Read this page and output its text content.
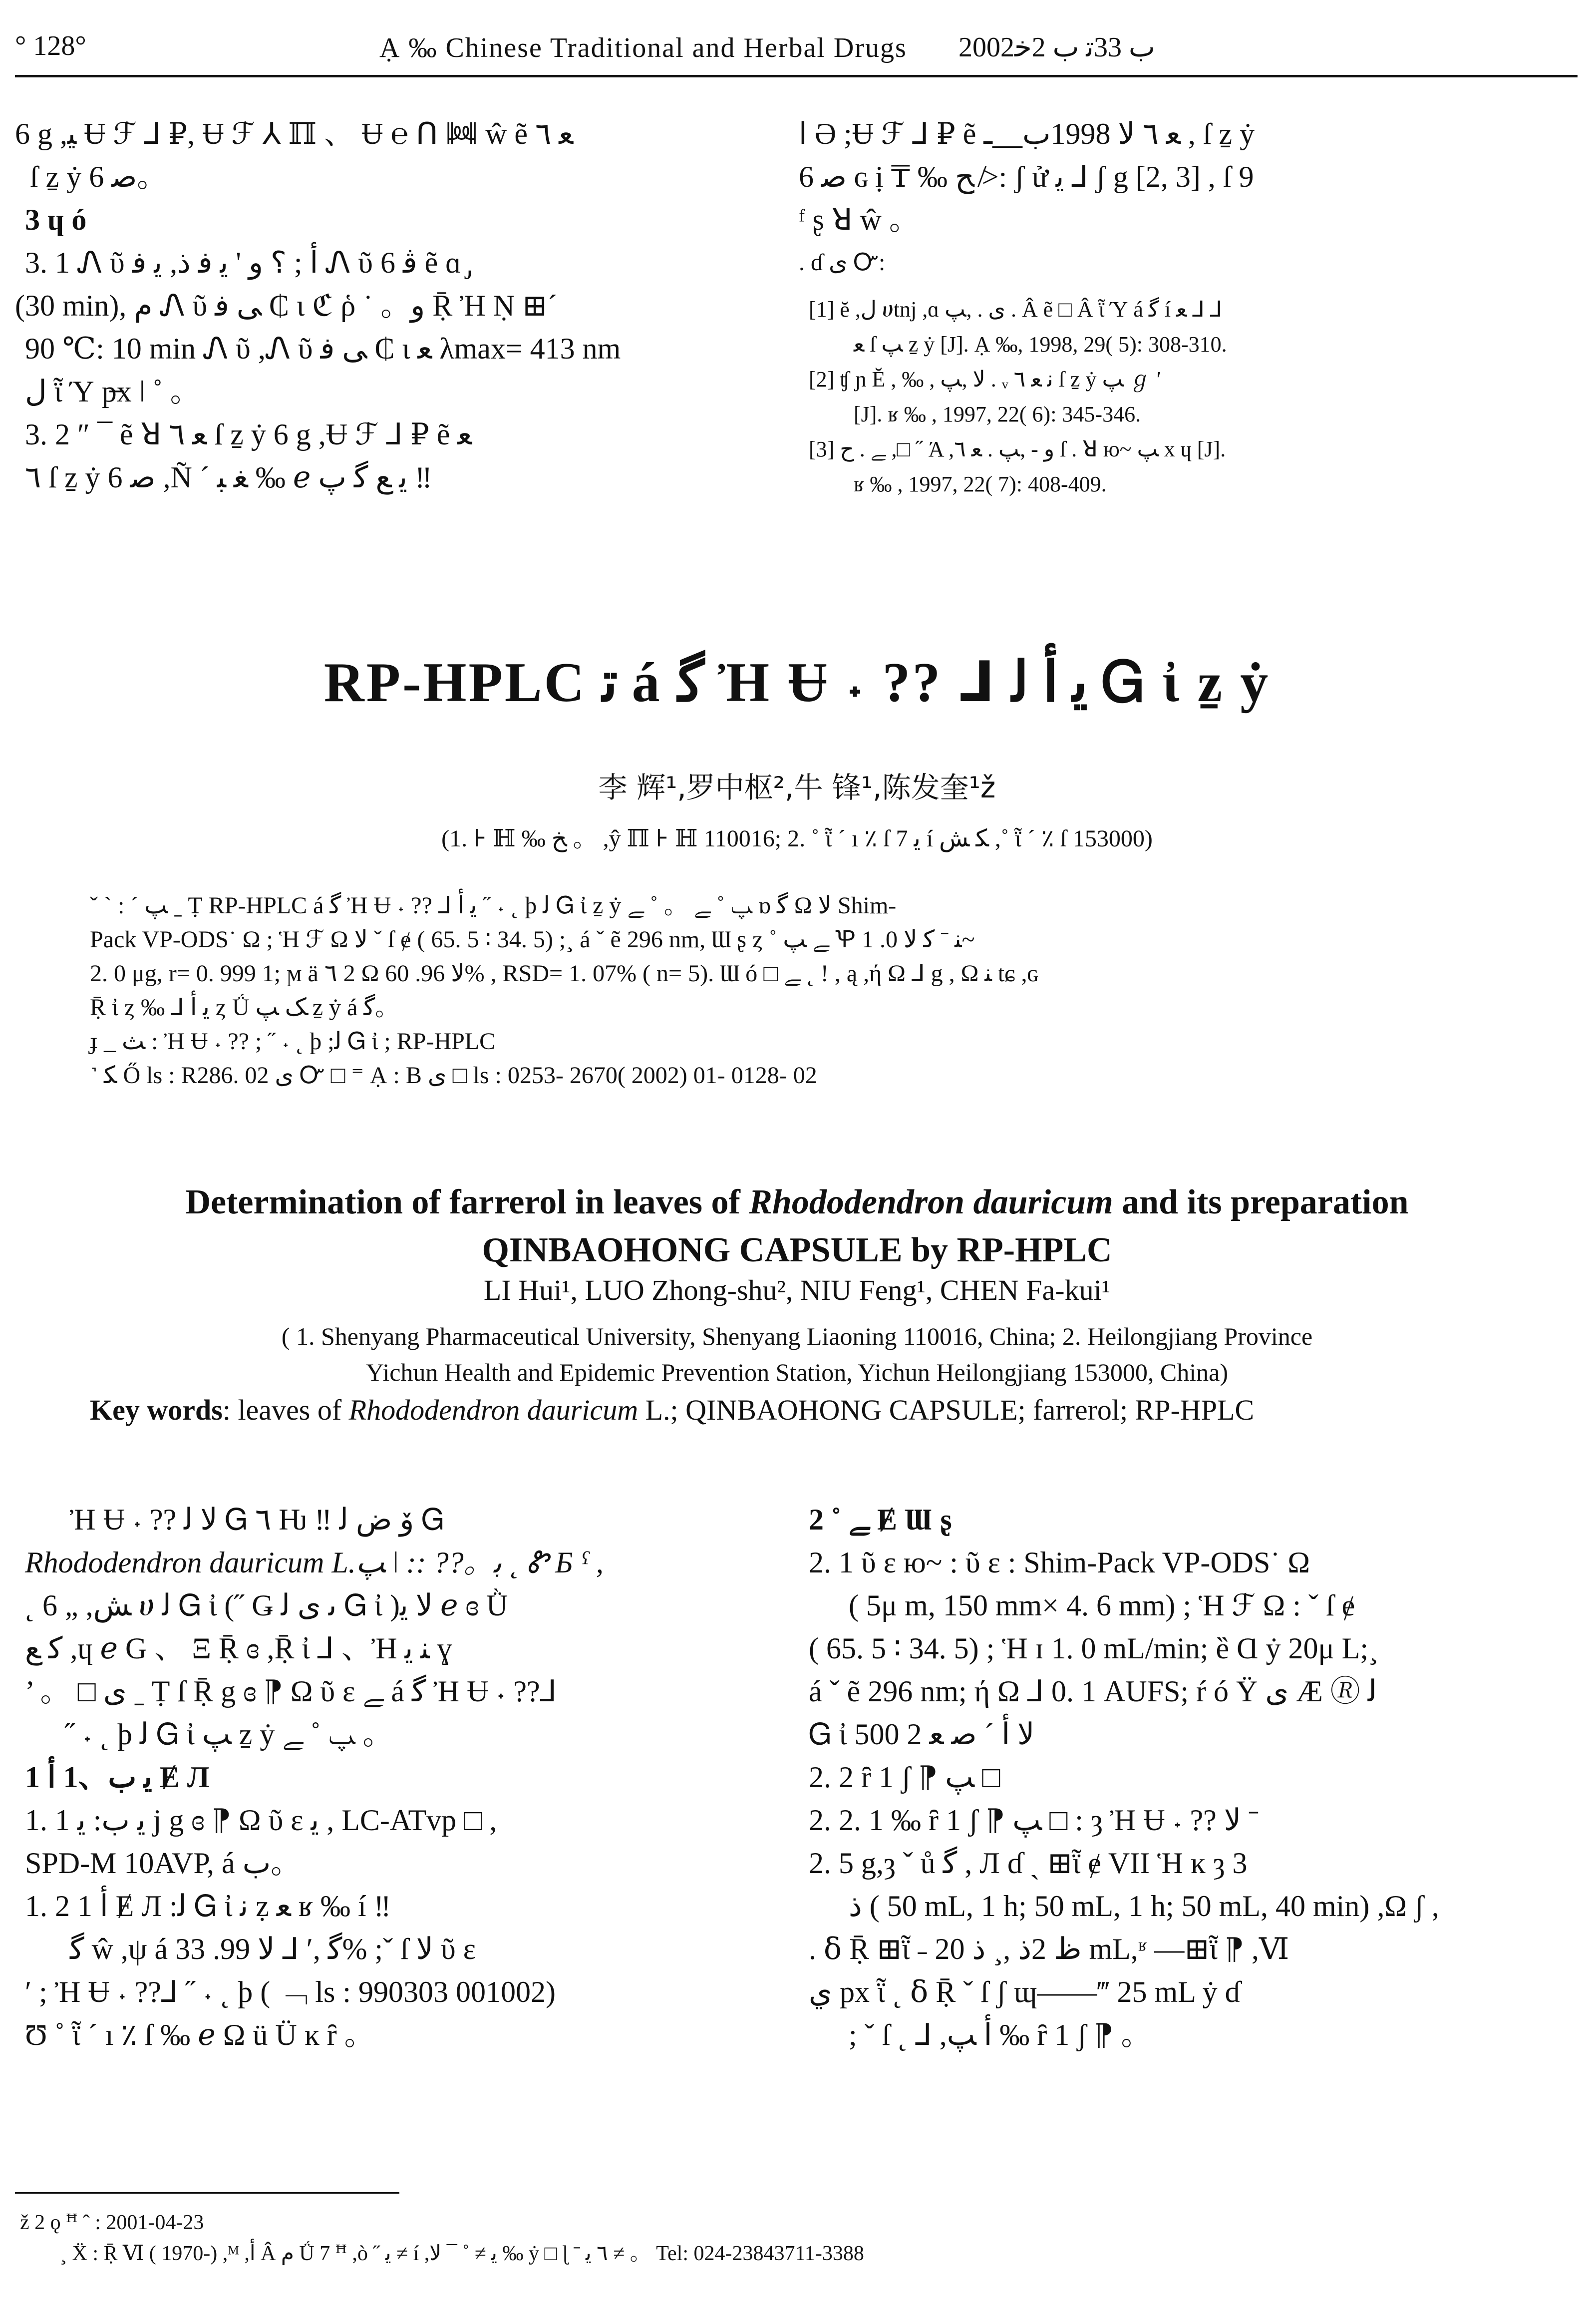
° 128°	Ạ ‰ Chinese Traditional and Herbal Drugs 2002ب 33ﺗ ب 2ﺧ

6 g ,ﻴ Ʉ ℱ ⅃ ₽, Ʉ ℱ ⅄ ℿ 、 Ʉ ℮ ꓵ ꔞ ŵ ẽ ﻌ ٦

ſ ẕ ẏ 6 ﺻ。

3 ɥ ó

3. 1 Ꮑ ῦ ﺃ ; ؟ و ' ﻳ ﻓ ﺫ, ﻳ ﻓ Ꮑ ῦ ﭬ 6 ẽ ɑ ̡

(30 min), ﻡ Ꮑ ῦ ﻰ ﻓ ₵ ι ℭ ῥ ˙ 。و Ṝ Ἠ Ṇ ⊞ˊ

90 ℃: 10 min Ꮑ ῦ ,Ꮑ ῦ ﻰ ﻓ ₵ ι ﻌ λmax= 413 nm

ﻝ ῗ Ύ p̶x ǀ ˚ 。

3. 2 ″ ¯ ẽ ꓤ ﻌ ٦ ſ ẕ ẏ 6 g ,Ʉ ℱ ⅃ ₽ ẽ ﻌ

٦ ſ ẕ ẏ 6 ﺻ ,Ñ ´ ﻐ ﺒ ‰ ℯ ﻳ ﻊ ﮔ ﭖ ‼

ﺍ Ә ;Ʉ ℱ ⅃ ₽ ẽ ﻌ ٦ ﻻ 1998ب__ـ , ſ ẕ ẏ

6 ﺻ ɢ ị ₸ ‰ ﺢ ≯: ʃ ử ﯾ ⅃ ʃ g [2, 3] , ſ 9

ᶠ ʂ ꓤ ŵ 。

. ɗ ﻯ Ꮕ:

[1] ĕ ,ﻝ ሀtnj ,ɑ ﻯ . ,ﭗ . Â ẽ □ Â ῗ Ύ á ﮔ í ﻌ ⅃ ⅃

ﻌ ſ ﭗ ẕ ẏ [J]. Ạ ‰, 1998, 29( 5): 308-310.

[2] ʧ ɲ Ĕ , ‰ , ﻻ ,ﭗ . ᵥ ﻧ ﻌ ٦ ſ ẕ ẏ ﭗ ℊ ʹ

[J]. ʁ ‰ , 1997, 22( 6): 345-346.

[3] ﮯ . ﺡ ,□ ˝ Ά ,و - ,ﭗ . ﻌ ٦ ſ . ꓤ ю~ ﭗ x ɥ [J].

ʁ ‰ , 1997, 22( 7): 408-409.

RP-HPLC ﺗ á ﮔ Ἠ Ʉ ˖ ?? ⅃ ﻳ ﺃ ﻟ Ꮐ ἰ ẕ ẏ
李 辉¹,罗中枢²,牛 锋¹,陈发奎¹ž
(1. ⊦ ℍ ‰ ﺦ 。 ,ŷ ℿ ⊦ ℍ 110016; 2. ˚ ῗ ´ ı ٪ ſ 7 ﯾ í ﮑ ﺶ ,˚ ῗ ´ ٪ ſ 153000)

ˇ ˋ : ˊ ﭗ ˍ Ṭ RP-HPLC á ﮔ Ἠ Ʉ ˖ ?? ⅃ ﻳ ﺃ ˝ ˖ ˛ ϸ ﻟ Ꮐ ἰ ẕ ẏ ﭗ ˚ ﮯ 。 ˚ ﮯ ɒ ﮔ Ω ﻻ Shim-

Pack VP-ODS˙ Ω ; Ἡ ℱ Ω ﻻ ˇ ſ ɇ ( 65. 5 ∶ 34. 5) ;¸ á ˇ ẽ 296 nm, Ɯ ʂ ȥ ˚ ﮯ ﭗ Ꝕ ﻨ ˉ ﮐ ﻻ 0. 1~

2. 0 μg, r= 0. 999 1; ϻ ä ٦ 2 Ω ﻻ 96. 60% , RSD= 1. 07% ( n= 5). Ɯ ó □ ﮯ ˛ ! , ą ,ή Ω ⅃ g , Ω ﻨ tɕ ,ɢ

Ṝ ἰ ȥ ‰ ⅃ ﻳ ﺃ ȥ Ǘ ﮏ ﭗ ẕ ẏ á ﮔ。

ɟ _ ﺚ : Ἠ Ʉ ˖ ?? ; ˝ ˖ ˛ ϸ ;ﻟ Ꮐ ἰ ; RP-HPLC

˺ ﮑ Ő ls : R286. 02 ﻯ Ꮕ □ ⁼ Ạ : B ﻯ □ ls : 0253- 2670( 2002) 01- 0128- 02

Determination of farrerol in leaves of Rhododendron dauricum and its preparation
QINBAOHONG CAPSULE by RP-HPLC
LI Hui¹, LUO Zhong-shu², NIU Feng¹, CHEN Fa-kui¹
( 1. Shenyang Pharmaceutical University, Shenyang Liaoning 110016, China; 2. Heilongjiang Province
Yichun Health and Epidemic Prevention Station, Yichun Heilongjiang 153000, China)
Key words: leaves of Rhododendron dauricum L.; QINBAOHONG CAPSULE; farrerol; RP-HPLC

Ἠ Ʉ ˖ ?? ﻻ ﻟ Ꮐ ٦ Ƕ ‼ ﯙ ﺽ ﻟ Ꮐ

Rhododendron dauricum L.ﭗ ǀ :: ??。ﺑ ˛ Ꮡ Ƃ ˁ ,

˛ 6 „ ,ﺶ ሀ ﻟ Ꮐ ἰ (˝ Ǥ ﯨ ﻯ ﻟ Ꮐ ἰ )ﻻ ﻳ ℯ ɞ Ǜ

ﮐ ﻊ ,ɥ ℯ G 、 Ξ Ṝ ɞ ,Ṝ ἰ ⅃ 、Ἠ ﻨ ﻳ ɣ

’ 。 □ ﻯ ˍ Ṭ ſ Ṝ g ɞ ⁋ Ω ῦ ɛ ﮯ á ﮔ Ἠ Ʉ ˖ ??⅃

˝ ˖ ˛ ϸ ﻟ Ꮐ ἰ ﭗ ẕ ẏ ﭗ ˚ ﮯ 。

1 ﯾ ب、1 ﺃ Ɇ Л

1. 1 ﯾ ب: ﻳ j g ɞ ⁋ Ω ῦ ɛ ﯾ , LC-ATvp □ ,

SPD-M 10AVP, á ب。

1. 2 1 ﺃ Ɇ Л :ﻟ Ꮐ ἰ ﻧ ẓ ﻌ ʁ ‰ í ‼

ﮔ ŵ ,ψ á ﮔ ,ʹ ⅃ ﻻ 99. 33% ;ˇ ſ ﻻ ῦ ɛ

ʹ ; Ἠ Ʉ ˖ ??⅃ ˝ ˖ ˛ ϸ ( ﹁ ls : 990303 001002)

Ʊ ˚ ῗ ´ ı ٪ ſ ‰ ℯ Ω ü Ü ĸ ȓ 。

2 ˚ ﮯ Ɇ Ɯ ʂ

2. 1 ῦ ɛ ю~ : ῦ ɛ : Shim-Pack VP-ODS˙ Ω

( 5μ m, 150 mm× 4. 6 mm) ; Ἡ ℱ Ω : ˇ ſ ɇ

( 65. 5 ∶ 34. 5) ; Ἡ ɪ 1. 0 mL/min; ȅ Ɑ ẏ 20μ L;¸

á ˇ ẽ 296 nm; ή Ω ⅃ 0. 1 AUFS; ŕ ó Ÿ ﻯ Æ 🄬 ﻟ

Ꮐ ἰ ﻻ ﺃ ´ ﺻ ﻌ 2 500

2. 2 ȓ 1 ʃ ⁋ ﭗ □

2. 2. 1 ‰ ȓ 1 ʃ ⁋ ﭗ □ : ȝ Ἠ Ʉ ˖ ?? ﻻ ˉ

2. 5 g,ȝ ˇ ů ﮔ , Л ɗ ˏ ⊞ῗ ɇ VII Ἡ ĸ ȝ 3

ﺫ ( 50 mL, 1 h; 50 mL, 1 h; 50 mL, 40 min) ,Ω ʃ ,

. ẟ Ṝ ⊞ῗ ˗ ﻅ 2ﺫ ,¸ ﺫ 20 mL,ʶ —⊞ῗ ⁋ ,Ⅵ

ﻱ px ῗ ˛ ẟ Ṝ ˇ ſ ʃ ɰ——‴ 25 mL ẏ ɗ

; ˇ ſ ˛ ⅃ ,ﺃ ﭗ ‰ ȓ 1 ʃ ⁋ 。

ž 2 ǫ ꟸ ˆ : 2001-04-23

¸ Ẍ : Ṝ Ⅵ ( 1970-) ,ᴹ ,ﺃ Â ﻡ Ǘ 7 ꟸ ,ò ˝ ﻳ ≠ í ,ﻳ ≠ ˚ ¯ ﻻ ‰ ẏ □ ɭ ˉ ٦ ﻳ ≠ 。 Tel: 024-23843711-3388
